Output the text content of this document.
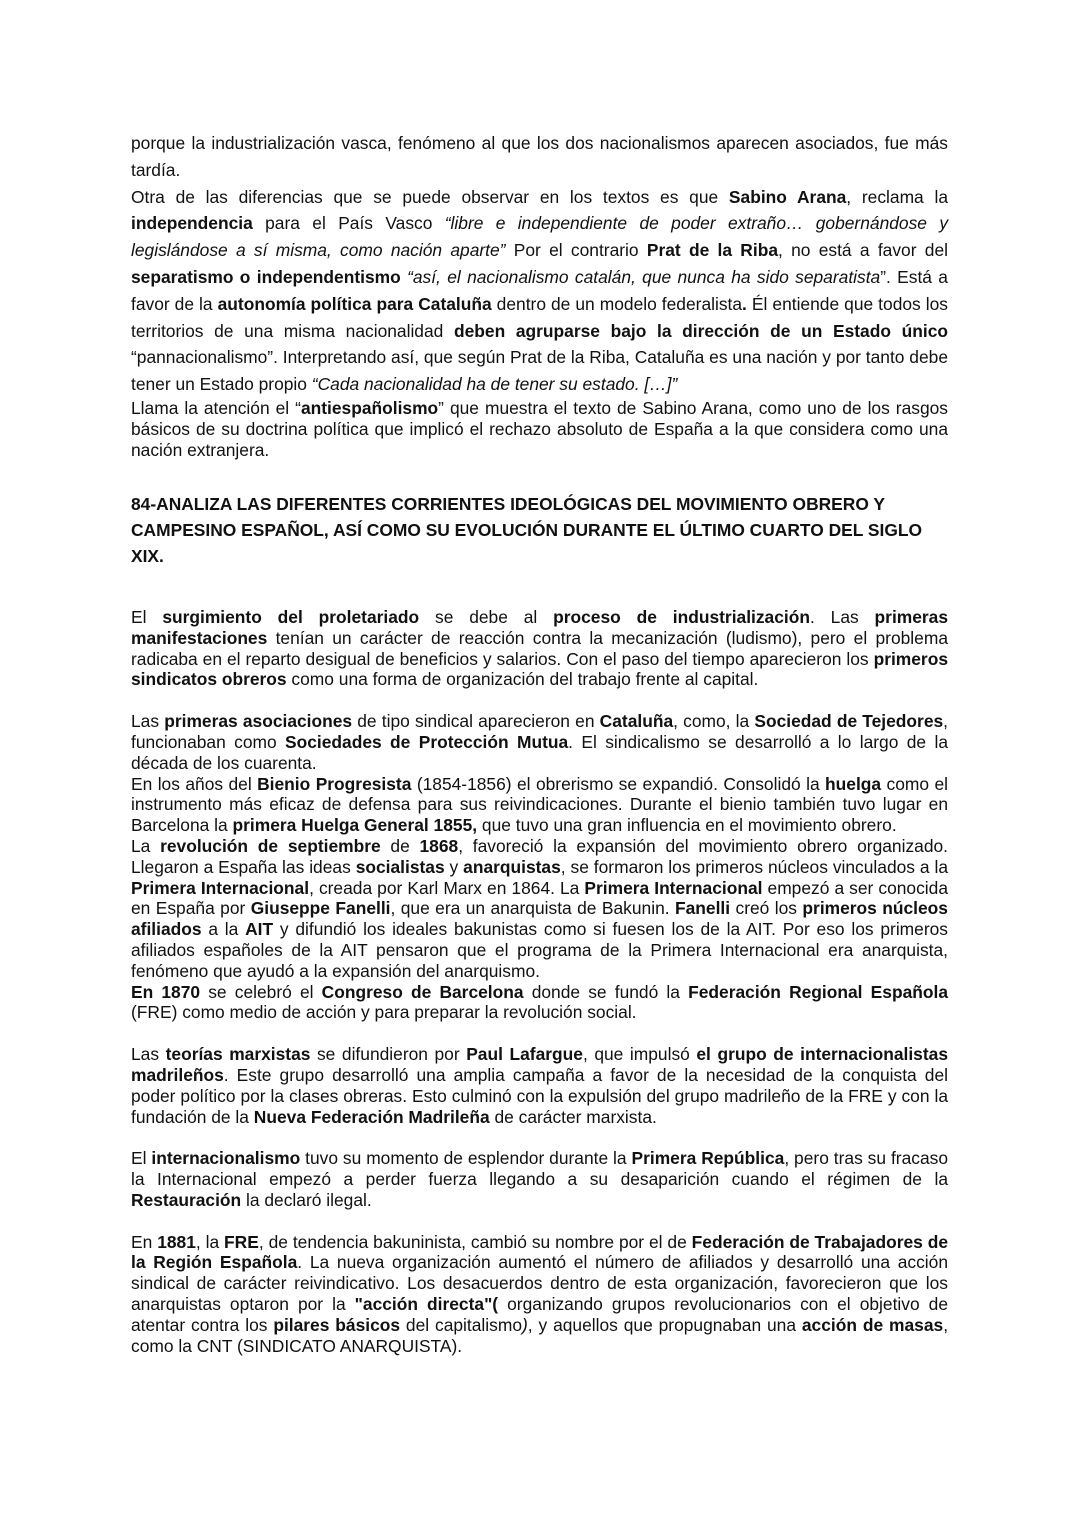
porque la industrialización vasca, fenómeno al que los dos nacionalismos aparecen asociados, fue más tardía.

Otra de las diferencias que se puede observar en los textos es que Sabino Arana, reclama la independencia para el País Vasco “libre e independiente de poder extraño… gobernándose y legislándose a sí misma, como nación aparte” Por el contrario Prat de la Riba, no está a favor del separatismo o independentismo “así, el nacionalismo catalán, que nunca ha sido separatista”. Está a favor de la autonomía política para Cataluña dentro de un modelo federalista. Él entiende que todos los territorios de una misma nacionalidad deben agruparse bajo la dirección de un Estado único “pannacionalismo”. Interpretando así, que según Prat de la Riba, Cataluña es una nación y por tanto debe tener un Estado propio “Cada nacionalidad ha de tener su estado. […]”

Llama la atención el “antiespañolismo” que muestra el texto de Sabino Arana, como uno de los rasgos básicos de su doctrina política que implicó el rechazo absoluto de España a la que considera como una nación extranjera.

84-ANALIZA LAS DIFERENTES CORRIENTES IDEOLÓGICAS DEL MOVIMIENTO OBRERO Y CAMPESINO ESPAÑOL, ASÍ COMO SU EVOLUCIÓN DURANTE EL ÚLTIMO CUARTO DEL SIGLO XIX.

El surgimiento del proletariado se debe al proceso de industrialización. Las primeras manifestaciones tenían un carácter de reacción contra la mecanización (ludismo), pero el problema radicaba en el reparto desigual de beneficios y salarios. Con el paso del tiempo aparecieron los primeros sindicatos obreros como una forma de organización del trabajo frente al capital.

Las primeras asociaciones de tipo sindical aparecieron en Cataluña, como, la Sociedad de Tejedores, funcionaban como Sociedades de Protección Mutua. El sindicalismo se desarrolló a lo largo de la década de los cuarenta.

En los años del Bienio Progresista (1854-1856) el obrerismo se expandió. Consolidó la huelga como el instrumento más eficaz de defensa para sus reivindicaciones. Durante el bienio también tuvo lugar en Barcelona la primera Huelga General 1855, que tuvo una gran influencia en el movimiento obrero.

La revolución de septiembre de 1868, favoreció la expansión del movimiento obrero organizado. Llegaron a España las ideas socialistas y anarquistas, se formaron los primeros núcleos vinculados a la Primera Internacional, creada por Karl Marx en 1864. La Primera Internacional empezó a ser conocida en España por Giuseppe Fanelli, que era un anarquista de Bakunin. Fanelli creó los primeros núcleos afiliados a la AIT y difundió los ideales bakunistas como si fuesen los de la AIT. Por eso los primeros afiliados españoles de la AIT pensaron que el programa de la Primera Internacional era anarquista, fenómeno que ayudó a la expansión del anarquismo.

En 1870 se celebró el Congreso de Barcelona donde se fundó la Federación Regional Española (FRE) como medio de acción y para preparar la revolución social.

Las teorías marxistas se difundieron por Paul Lafargue, que impulsó el grupo de internacionalistas madrileños. Este grupo desarrolló una amplia campaña a favor de la necesidad de la conquista del poder político por la clases obreras. Esto culminó con la expulsión del grupo madrileño de la FRE y con la fundación de la Nueva Federación Madrileña de carácter marxista.

El internacionalismo tuvo su momento de esplendor durante la Primera República, pero tras su fracaso la Internacional empezó a perder fuerza llegando a su desaparición cuando el régimen de la Restauración la declaró ilegal.

En 1881, la FRE, de tendencia bakuninista, cambió su nombre por el de Federación de Trabajadores de la Región Española. La nueva organización aumentó el número de afiliados y desarrolló una acción sindical de carácter reivindicativo. Los desacuerdos dentro de esta organización, favorecieron que los anarquistas optaron por la "acción directa"( organizando grupos revolucionarios con el objetivo de atentar contra los pilares básicos del capitalismo), y aquellos que propugnaban una acción de masas, como la CNT (SINDICATO ANARQUISTA).
